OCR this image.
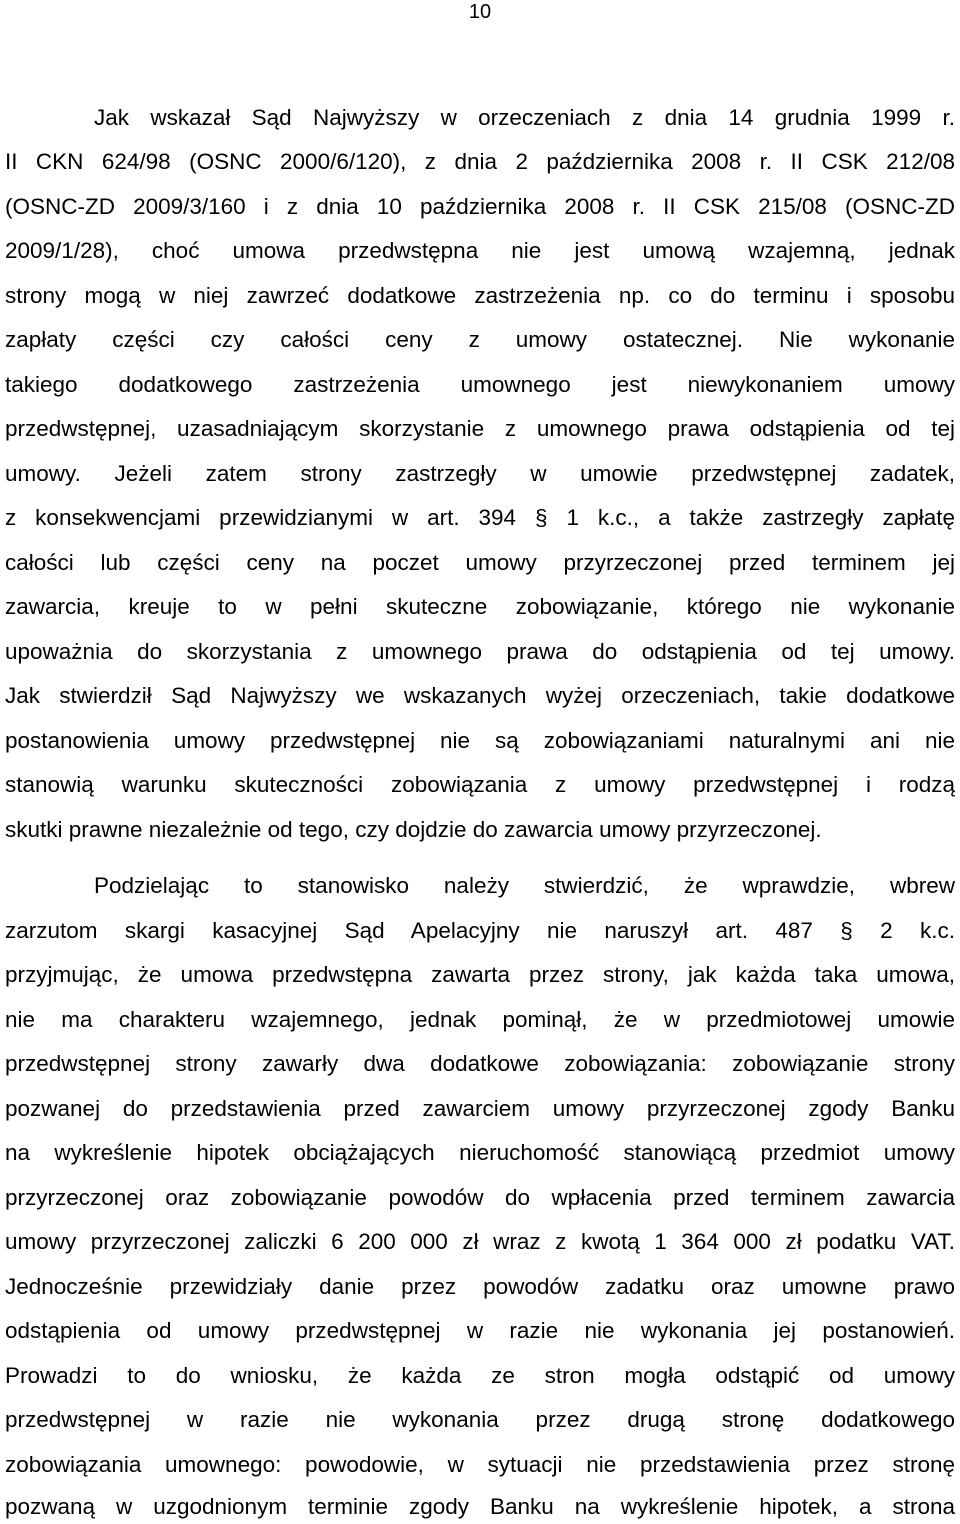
10
Jak wskazał Sąd Najwyższy w orzeczeniach z dnia 14 grudnia 1999 r.
II CKN 624/98 (OSNC 2000/6/120), z dnia 2 października 2008 r. II CSK 212/08
(OSNC-ZD 2009/3/160 i z dnia 10 października 2008 r. II CSK 215/08 (OSNC-ZD
2009/1/28), choć umowa przedwstępna nie jest umową wzajemną, jednak
strony mogą w niej zawrzeć dodatkowe zastrzeżenia np. co do terminu i sposobu
zapłaty części czy całości ceny z umowy ostatecznej. Nie wykonanie
takiego dodatkowego zastrzeżenia umownego jest niewykonaniem umowy
przedwstępnej, uzasadniającym skorzystanie z umownego prawa odstąpienia od tej
umowy. Jeżeli zatem strony zastrzegły w umowie przedwstępnej zadatek,
z konsekwencjami przewidzianymi w art. 394 § 1 k.c., a także zastrzegły zapłatę
całości lub części ceny na poczet umowy przyrzeczonej przed terminem jej
zawarcia, kreuje to w pełni skuteczne zobowiązanie, którego nie wykonanie
upoważnia do skorzystania z umownego prawa do odstąpienia od tej umowy.
Jak stwierdził Sąd Najwyższy we wskazanych wyżej orzeczeniach, takie dodatkowe
postanowienia umowy przedwstępnej nie są zobowiązaniami naturalnymi ani nie
stanowią warunku skuteczności zobowiązania z umowy przedwstępnej i rodzą
skutki prawne niezależnie od tego, czy dojdzie do zawarcia umowy przyrzeczonej.
Podzielając to stanowisko należy stwierdzić, że wprawdzie, wbrew
zarzutom skargi kasacyjnej Sąd Apelacyjny nie naruszył art. 487 § 2 k.c.
przyjmując, że umowa przedwstępna zawarta przez strony, jak każda taka umowa,
nie ma charakteru wzajemnego, jednak pominął, że w przedmiotowej umowie
przedwstępnej strony zawarły dwa dodatkowe zobowiązania: zobowiązanie strony
pozwanej do przedstawienia przed zawarciem umowy przyrzeczonej zgody Banku
na wykreślenie hipotek obciążających nieruchomość stanowiącą przedmiot umowy
przyrzeczonej oraz zobowiązanie powodów do wpłacenia przed terminem zawarcia
umowy przyrzeczonej zaliczki 6 200 000 zł wraz z kwotą 1 364 000 zł podatku VAT.
Jednocześnie przewidziały danie przez powodów zadatku oraz umowne prawo
odstąpienia od umowy przedwstępnej w razie nie wykonania jej postanowień.
Prowadzi to do wniosku, że każda ze stron mogła odstąpić od umowy
przedwstępnej w razie nie wykonania przez drugą stronę dodatkowego
zobowiązania umownego: powodowie, w sytuacji nie przedstawienia przez stronę
pozwaną w uzgodnionym terminie zgody Banku na wykreślenie hipotek, a strona
